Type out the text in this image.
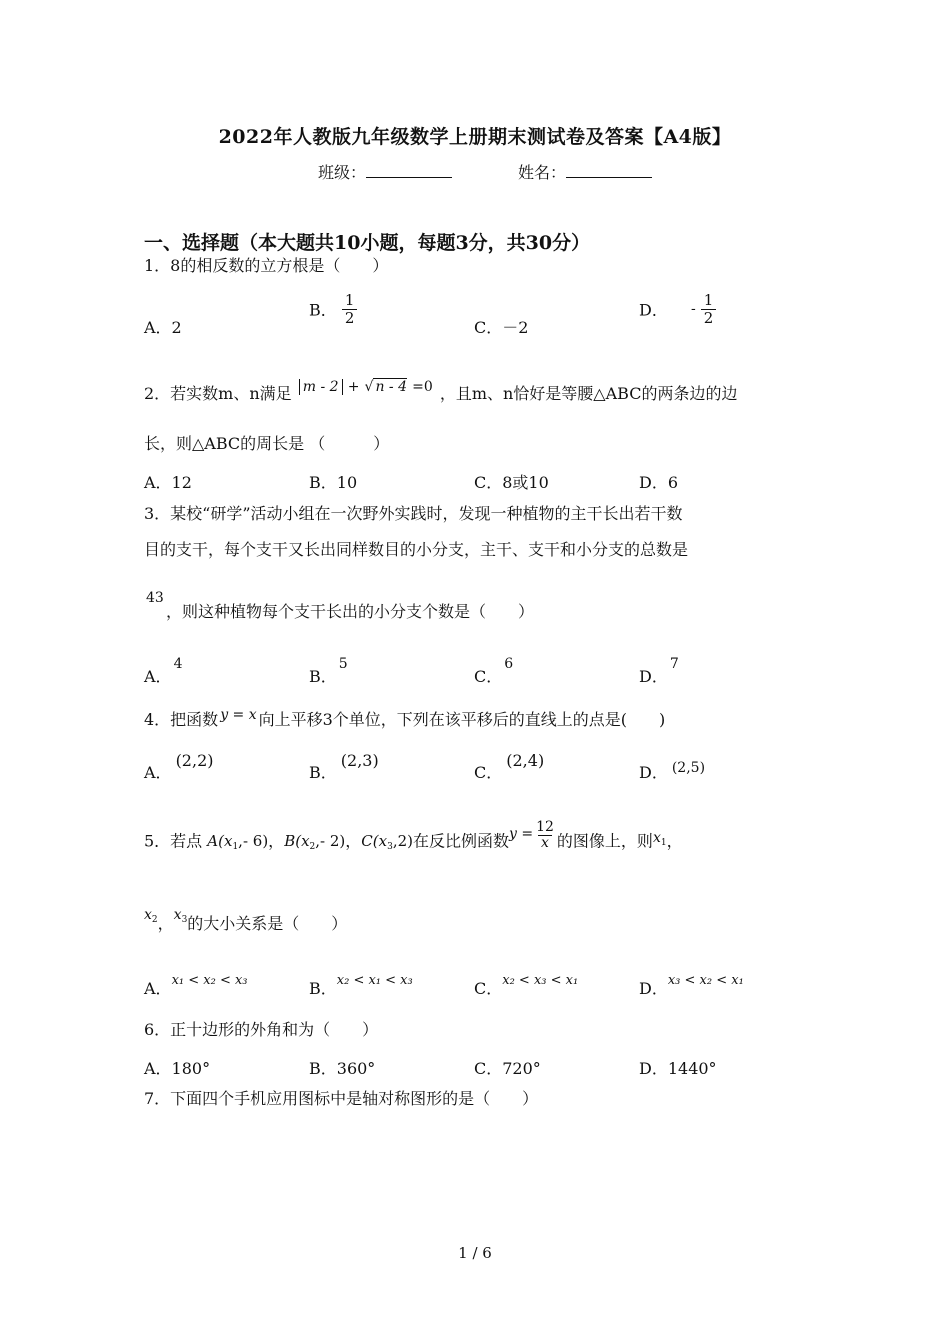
2022年人教版九年级数学上册期末测试卷及答案【A4版】
班级：	姓名：
一、选择题（本大题共10小题，每题3分，共30分）
1．8的相反数的立方根是（　　）
A．2
B． $\frac{1}{2}$
C．－2
D． - $\frac{1}{2}$
2．若实数m、n满足 m - 2 + √ n - 4 =0 ，且m、n恰好是等腰△ABC的两条边的边
长，则△ABC的周长是 （　　　）
A．12	B．10	C．8或10	D．6
3．某校“研学”活动小组在一次野外实践时，发现一种植物的主干长出若干数
目的支干，每个支干又长出同样数目的小分支，主干、支干和小分支的总数是
43
，则这种植物每个支干长出的小分支个数是（　　）
A．4
B．5
C．6
D．7
4．把函数 y = x 向上平移3个单位，下列在该平移后的直线上的点是(　　)
A．(2,2)
B．(2,3)
C．(2,4)
D． (2,5)
5．若点 $A(x_1,-$ 6)，$B(x_2,-$ 2)，$C(x_3,2)$在反比例函数$y = \frac{12}{x}$ 的图像上，则$x_1$，
$x_2$，$x_3$的大小关系是（　　）
A．$^{x_1 < x_2 < x_3}$	B．$^{x_2 < x_1 < x_3}$	C．$^{x_2 < x_3 < x_1}$	D．$^{x_3 < x_2 < x_1}$
6．正十边形的外角和为（　　）
A．180°	B．360°	C．720°	D．1440°
7．下面四个手机应用图标中是轴对称图形的是（　　）
1 / 6
